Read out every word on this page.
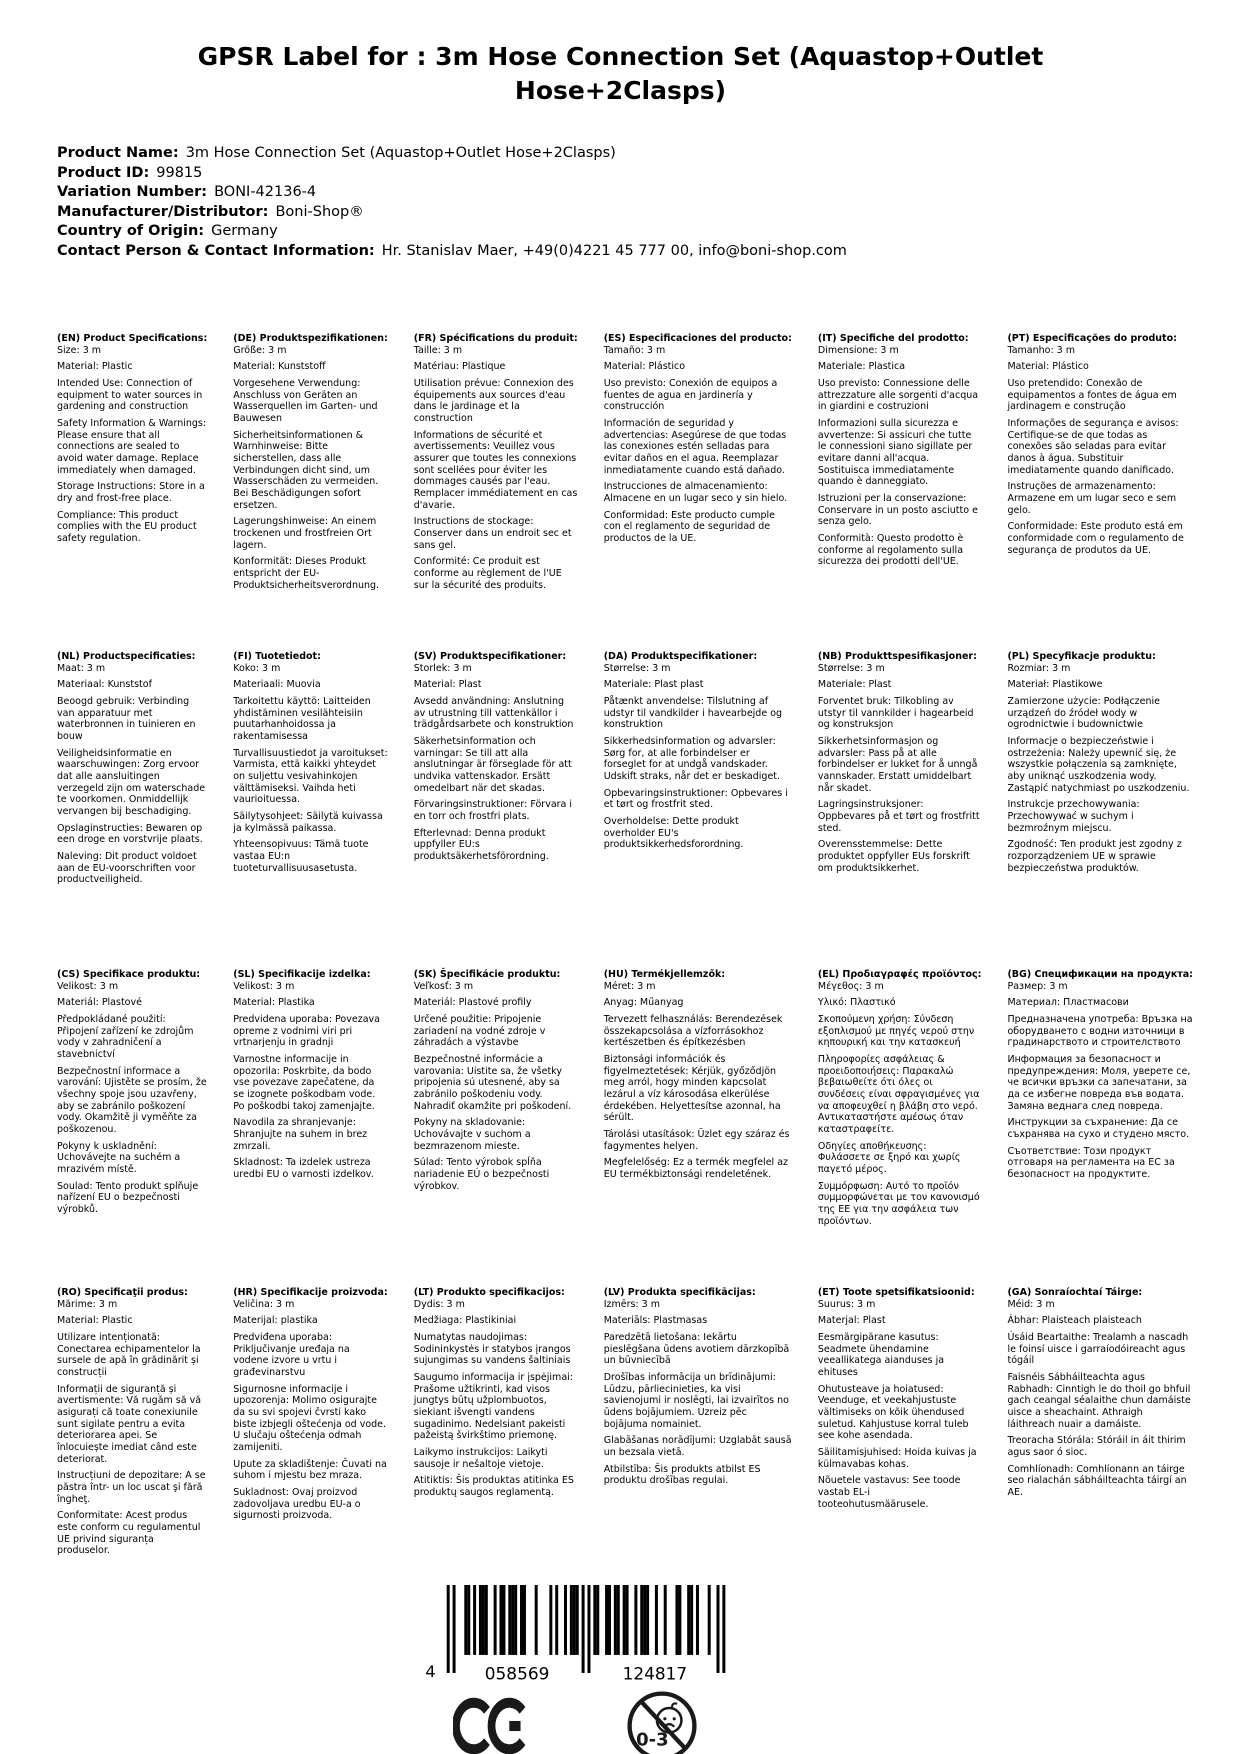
GPSR Label for : 3m Hose Connection Set (Aquastop+Outlet Hose+2Clasps)

Product Name: 3m Hose Connection Set (Aquastop+Outlet Hose+2Clasps)

Product ID: 99815

Variation Number: BONI-42136-4

Manufacturer/Distributor: Boni-Shop®

Country of Origin: Germany

Contact Person & Contact Information: Hr. Stanislav Maer, +49(0)4221 45 777 00, info@boni-shop.com

(EN) Product Specifications:

Size: 3 m

Material: Plastic

Intended Use: Connection of equipment to water sources in gardening and construction

Safety Information & Warnings: Please ensure that all connections are sealed to avoid water damage. Replace immediately when damaged.

Storage Instructions: Store in a dry and frost-free place.

Compliance: This product complies with the EU product safety regulation.

(DE) Produktspezifikationen:

Größe: 3 m

Material: Kunststoff

Vorgesehene Verwendung: Anschluss von Geräten an Wasserquellen im Garten- und Bauwesen

Sicherheitsinformationen & Warnhinweise: Bitte sicherstellen, dass alle Verbindungen dicht sind, um Wasserschäden zu vermeiden. Bei Beschädigungen sofort ersetzen.

Lagerungshinweise: An einem trockenen und frostfreien Ort lagern.

Konformität: Dieses Produkt entspricht der EU-Produktsicherheitsverordnung.

(FR) Spécifications du produit:

Taille: 3 m

Matériau: Plastique

Utilisation prévue: Connexion des équipements aux sources d'eau dans le jardinage et la construction

Informations de sécurité et avertissements: Veuillez vous assurer que toutes les connexions sont scellées pour éviter les dommages causés par l'eau. Remplacer immédiatement en cas d'avarie.

Instructions de stockage: Conserver dans un endroit sec et sans gel.

Conformité: Ce produit est conforme au règlement de l'UE sur la sécurité des produits.

(ES) Especificaciones del producto:

Tamaño: 3 m

Material: Plástico

Uso previsto: Conexión de equipos a fuentes de agua en jardinería y construcción

Información de seguridad y advertencias: Asegúrese de que todas las conexiones estén selladas para evitar daños en el agua. Reemplazar inmediatamente cuando está dañado.

Instrucciones de almacenamiento: Almacene en un lugar seco y sin hielo.

Conformidad: Este producto cumple con el reglamento de seguridad de productos de la UE.

(IT) Specifiche del prodotto:

Dimensione: 3 m

Materiale: Plastica

Uso previsto: Connessione delle attrezzature alle sorgenti d'acqua in giardini e costruzioni

Informazioni sulla sicurezza e avvertenze: Si assicuri che tutte le connessioni siano sigillate per evitare danni all'acqua. Sostituisca immediatamente quando è danneggiato.

Istruzioni per la conservazione: Conservare in un posto asciutto e senza gelo.

Conformità: Questo prodotto è conforme al regolamento sulla sicurezza dei prodotti dell'UE.

(PT) Especificações do produto:

Tamanho: 3 m

Material: Plástico

Uso pretendido: Conexão de equipamentos a fontes de água em jardinagem e construção

Informações de segurança e avisos: Certifique-se de que todas as conexões são seladas para evitar danos à água. Substituir imediatamente quando danificado.

Instruções de armazenamento: Armazene em um lugar seco e sem gelo.

Conformidade: Este produto está em conformidade com o regulamento de segurança de produtos da UE.

(NL) Productspecificaties:

Maat: 3 m

Materiaal: Kunststof

Beoogd gebruik: Verbinding van apparatuur met waterbronnen in tuinieren en bouw

Veiligheidsinformatie en waarschuwingen: Zorg ervoor dat alle aansluitingen verzegeld zijn om waterschade te voorkomen. Onmiddellijk vervangen bij beschadiging.

Opslaginstructies: Bewaren op een droge en vorstvrije plaats.

Naleving: Dit product voldoet aan de EU-voorschriften voor productveiligheid.

(FI) Tuotetiedot:

Koko: 3 m

Materiaali: Muovia

Tarkoitettu käyttö: Laitteiden yhdistäminen vesilähteisiin puutarhanhoidossa ja rakentamisessa

Turvallisuustiedot ja varoitukset: Varmista, että kaikki yhteydet on suljettu vesivahinkojen välttämiseksi. Vaihda heti vaurioituessa.

Säilytysohjeet: Säilytä kuivassa ja kylmässä paikassa.

Yhteensopivuus: Tämä tuote vastaa EU:n tuoteturvallisuusasetusta.

(SV) Produktspecifikationer:

Storlek: 3 m

Material: Plast

Avsedd användning: Anslutning av utrustning till vattenkällor i trädgårdsarbete och konstruktion

Säkerhetsinformation och varningar: Se till att alla anslutningar är förseglade för att undvika vattenskador. Ersätt omedelbart när det skadas.

Förvaringsinstruktioner: Förvara i en torr och frostfri plats.

Efterlevnad: Denna produkt uppfyller EU:s produktsäkerhetsförordning.

(DA) Produktspecifikationer:

Størrelse: 3 m

Materiale: Plast plast

Påtænkt anvendelse: Tilslutning af udstyr til vandkilder i havearbejde og konstruktion

Sikkerhedsinformation og advarsler: Sørg for, at alle forbindelser er forseglet for at undgå vandskader. Udskift straks, når det er beskadiget.

Opbevaringsinstruktioner: Opbevares i et tørt og frostfrit sted.

Overholdelse: Dette produkt overholder EU's produktsikkerhedsforordning.

(NB) Produkttspesifikasjoner:

Størrelse: 3 m

Materiale: Plast

Forventet bruk: Tilkobling av utstyr til vannkilder i hagearbeid og konstruksjon

Sikkerhetsinformasjon og advarsler: Pass på at alle forbindelser er lukket for å unngå vannskader. Erstatt umiddelbart når skadet.

Lagringsinstruksjoner: Oppbevares på et tørt og frostfritt sted.

Overensstemmelse: Dette produktet oppfyller EUs forskrift om produktsikkerhet.

(PL) Specyfikacje produktu:

Rozmiar: 3 m

Materiał: Plastikowe

Zamierzone użycie: Podłączenie urządzeń do źródeł wody w ogrodnictwie i budownictwie

Informacje o bezpieczeństwie i ostrzeżenia: Należy upewnić się, że wszystkie połączenia są zamknięte, aby uniknąć uszkodzenia wody. Zastąpić natychmiast po uszkodzeniu.

Instrukcje przechowywania: Przechowywać w suchym i bezmroźnym miejscu.

Zgodność: Ten produkt jest zgodny z rozporządzeniem UE w sprawie bezpieczeństwa produktów.

(CS) Specifikace produktu:

Velikost: 3 m

Materiál: Plastové

Předpokládané použití: Připojení zařízení ke zdrojům vody v zahradničení a stavebnictví

Bezpečnostní informace a varování: Ujistěte se prosím, že všechny spoje jsou uzavřeny, aby se zabránilo poškození vody. Okamžitě ji vyměňte za poškozenou.

Pokyny k uskladnění: Uchovávejte na suchém a mrazivém místě.

Soulad: Tento produkt splňuje nařízení EU o bezpečnosti výrobků.

(SL) Specifikacije izdelka:

Velikost: 3 m

Material: Plastika

Predvidena uporaba: Povezava opreme z vodnimi viri pri vrtnarjenju in gradnji

Varnostne informacije in opozorila: Poskrbite, da bodo vse povezave zapečatene, da se izognete poškodbam vode. Po poškodbi takoj zamenjajte.

Navodila za shranjevanje: Shranjujte na suhem in brez zmrzali.

Skladnost: Ta izdelek ustreza uredbi EU o varnosti izdelkov.

(SK) Špecifikácie produktu:

Veľkosť: 3 m

Materiál: Plastové profily

Určené použitie: Pripojenie zariadení na vodné zdroje v záhradách a výstavbe

Bezpečnostné informácie a varovania: Uistite sa, že všetky pripojenia sú utesnené, aby sa zabránilo poškodeniu vody. Nahradiť okamžite pri poškodení.

Pokyny na skladovanie: Uchovávajte v suchom a bezmrazenom mieste.

Súlad: Tento výrobok spĺňa nariadenie EÚ o bezpečnosti výrobkov.

(HU) Termékjellemzők:

Méret: 3 m

Anyag: Műanyag

Tervezett felhasználás: Berendezések összekapcsolása a vízforrásokhoz kertészetben és építkezésben

Biztonsági információk és figyelmeztetések: Kérjük, győződjön meg arról, hogy minden kapcsolat lezárul a víz károsodása elkerülése érdekében. Helyettesítse azonnal, ha sérült.

Tárolási utasítások: Üzlet egy száraz és fagymentes helyen.

Megfelelőség: Ez a termék megfelel az EU termékbiztonsági rendeletének.

(EL) Προδιαγραφές προϊόντος:

Μέγεθος: 3 m

Υλικό: Πλαστικό

Σκοπούμενη χρήση: Σύνδεση εξοπλισμού με πηγές νερού στην κηπουρική και την κατασκευή

Πληροφορίες ασφάλειας & προειδοποιήσεις: Παρακαλώ βεβαιωθείτε ότι όλες οι συνδέσεις είναι σφραγισμένες για να αποφευχθεί η βλάβη στο νερό. Αντικαταστήστε αμέσως όταν καταστραφείτε.

Οδηγίες αποθήκευσης: Φυλάσσετε σε ξηρό και χωρίς παγετό μέρος.

Συμμόρφωση: Αυτό το προϊόν συμμορφώνεται με τον κανονισμό της ΕΕ για την ασφάλεια των προϊόντων.

(BG) Спецификации на продукта:

Размер: 3 m

Материал: Пластмасови

Предназначена употреба: Връзка на оборудването с водни източници в градинарството и строителството

Информация за безопасност и предупреждения: Моля, уверете се, че всички връзки са запечатани, за да се избегне повреда във водата. Замяна веднага след повреда.

Инструкции за съхранение: Да се съхранява на сухо и студено място.

Съответствие: Този продукт отговаря на регламента на ЕС за безопасност на продуктите.

(RO) Specificaţii produs:

Mărime: 3 m

Material: Plastic

Utilizare intenționată: Conectarea echipamentelor la sursele de apă în grădinărit și construcții

Informații de siguranță și avertismente: Vă rugăm să vă asigurați că toate conexiunile sunt sigilate pentru a evita deteriorarea apei. Se înlocuiește imediat când este deteriorat.

Instrucțiuni de depozitare: A se păstra într- un loc uscat şi fără îngheţ.

Conformitate: Acest produs este conform cu regulamentul UE privind siguranța produselor.

(HR) Specifikacije proizvoda:

Veličina: 3 m

Materijal: plastika

Predviđena uporaba: Priključivanje uređaja na vodene izvore u vrtu i građevinarstvu

Sigurnosne informacije i upozorenja: Molimo osigurajte da su svi spojevi čvrsti kako biste izbjegli oštećenja od vode. U slučaju oštećenja odmah zamijeniti.

Upute za skladištenje: Čuvati na suhom i mjestu bez mraza.

Sukladnost: Ovaj proizvod zadovoljava uredbu EU-a o sigurnosti proizvoda.

(LT) Produkto specifikacijos:

Dydis: 3 m

Medžiaga: Plastikiniai

Numatytas naudojimas: Sodininkystės ir statybos įrangos sujungimas su vandens šaltiniais

Saugumo informacija ir įspėjimai: Prašome užtikrinti, kad visos jungtys būtų užplombuotos, siekiant išvengti vandens sugadinimo. Nedelsiant pakeisti pažeistą švirkštimo priemonę.

Laikymo instrukcijos: Laikyti sausoje ir nešaltoje vietoje.

Atitiktis: Šis produktas atitinka ES produktų saugos reglamentą.

(LV) Produkta specifikācijas:

Izmērs: 3 m

Materiāls: Plastmasas

Paredzētā lietošana: Iekārtu pieslēgšana ūdens avotiem dārzkopībā un būvniecībā

Drošības informācija un brīdinājumi: Lūdzu, pārliecinieties, ka visi savienojumi ir noslēgti, lai izvairītos no ūdens bojājumiem. Uzreiz pēc bojājuma nomainiet.

Glabāšanas norādījumi: Uzglabāt sausā un bezsala vietā.

Atbilstība: Šis produkts atbilst ES produktu drošības regulai.

(ET) Toote spetsifikatsioonid:

Suurus: 3 m

Materjal: Plast

Eesmärgipärane kasutus: Seadmete ühendamine veeallikatega aianduses ja ehituses

Ohutusteave ja hoiatused: Veenduge, et veekahjustuste vältimiseks on kõik ühendused suletud. Kahjustuse korral tuleb see kohe asendada.

Säilitamisjuhised: Hoida kuivas ja külmavabas kohas.

Nõuetele vastavus: See toode vastab EL-i tooteohutusmäärusele.

(GA) Sonraíochtaí Táirge:

Méid: 3 m

Ábhar: Plaisteach plaisteach

Úsáid Beartaithe: Trealamh a nascadh le foinsí uisce i garraíodóireacht agus tógáil

Faisnéis Sábháilteachta agus Rabhadh: Cinntigh le do thoil go bhfuil gach ceangal séalaithe chun damáiste uisce a sheachaint. Athraigh láithreach nuair a damáiste.

Treoracha Stórála: Stóráil in áit thirim agus saor ó sioc.

Comhlíonadh: Comhlíonann an táirge seo rialachán sábháilteachta táirgí an AE.

4	058569	124817
0-3
